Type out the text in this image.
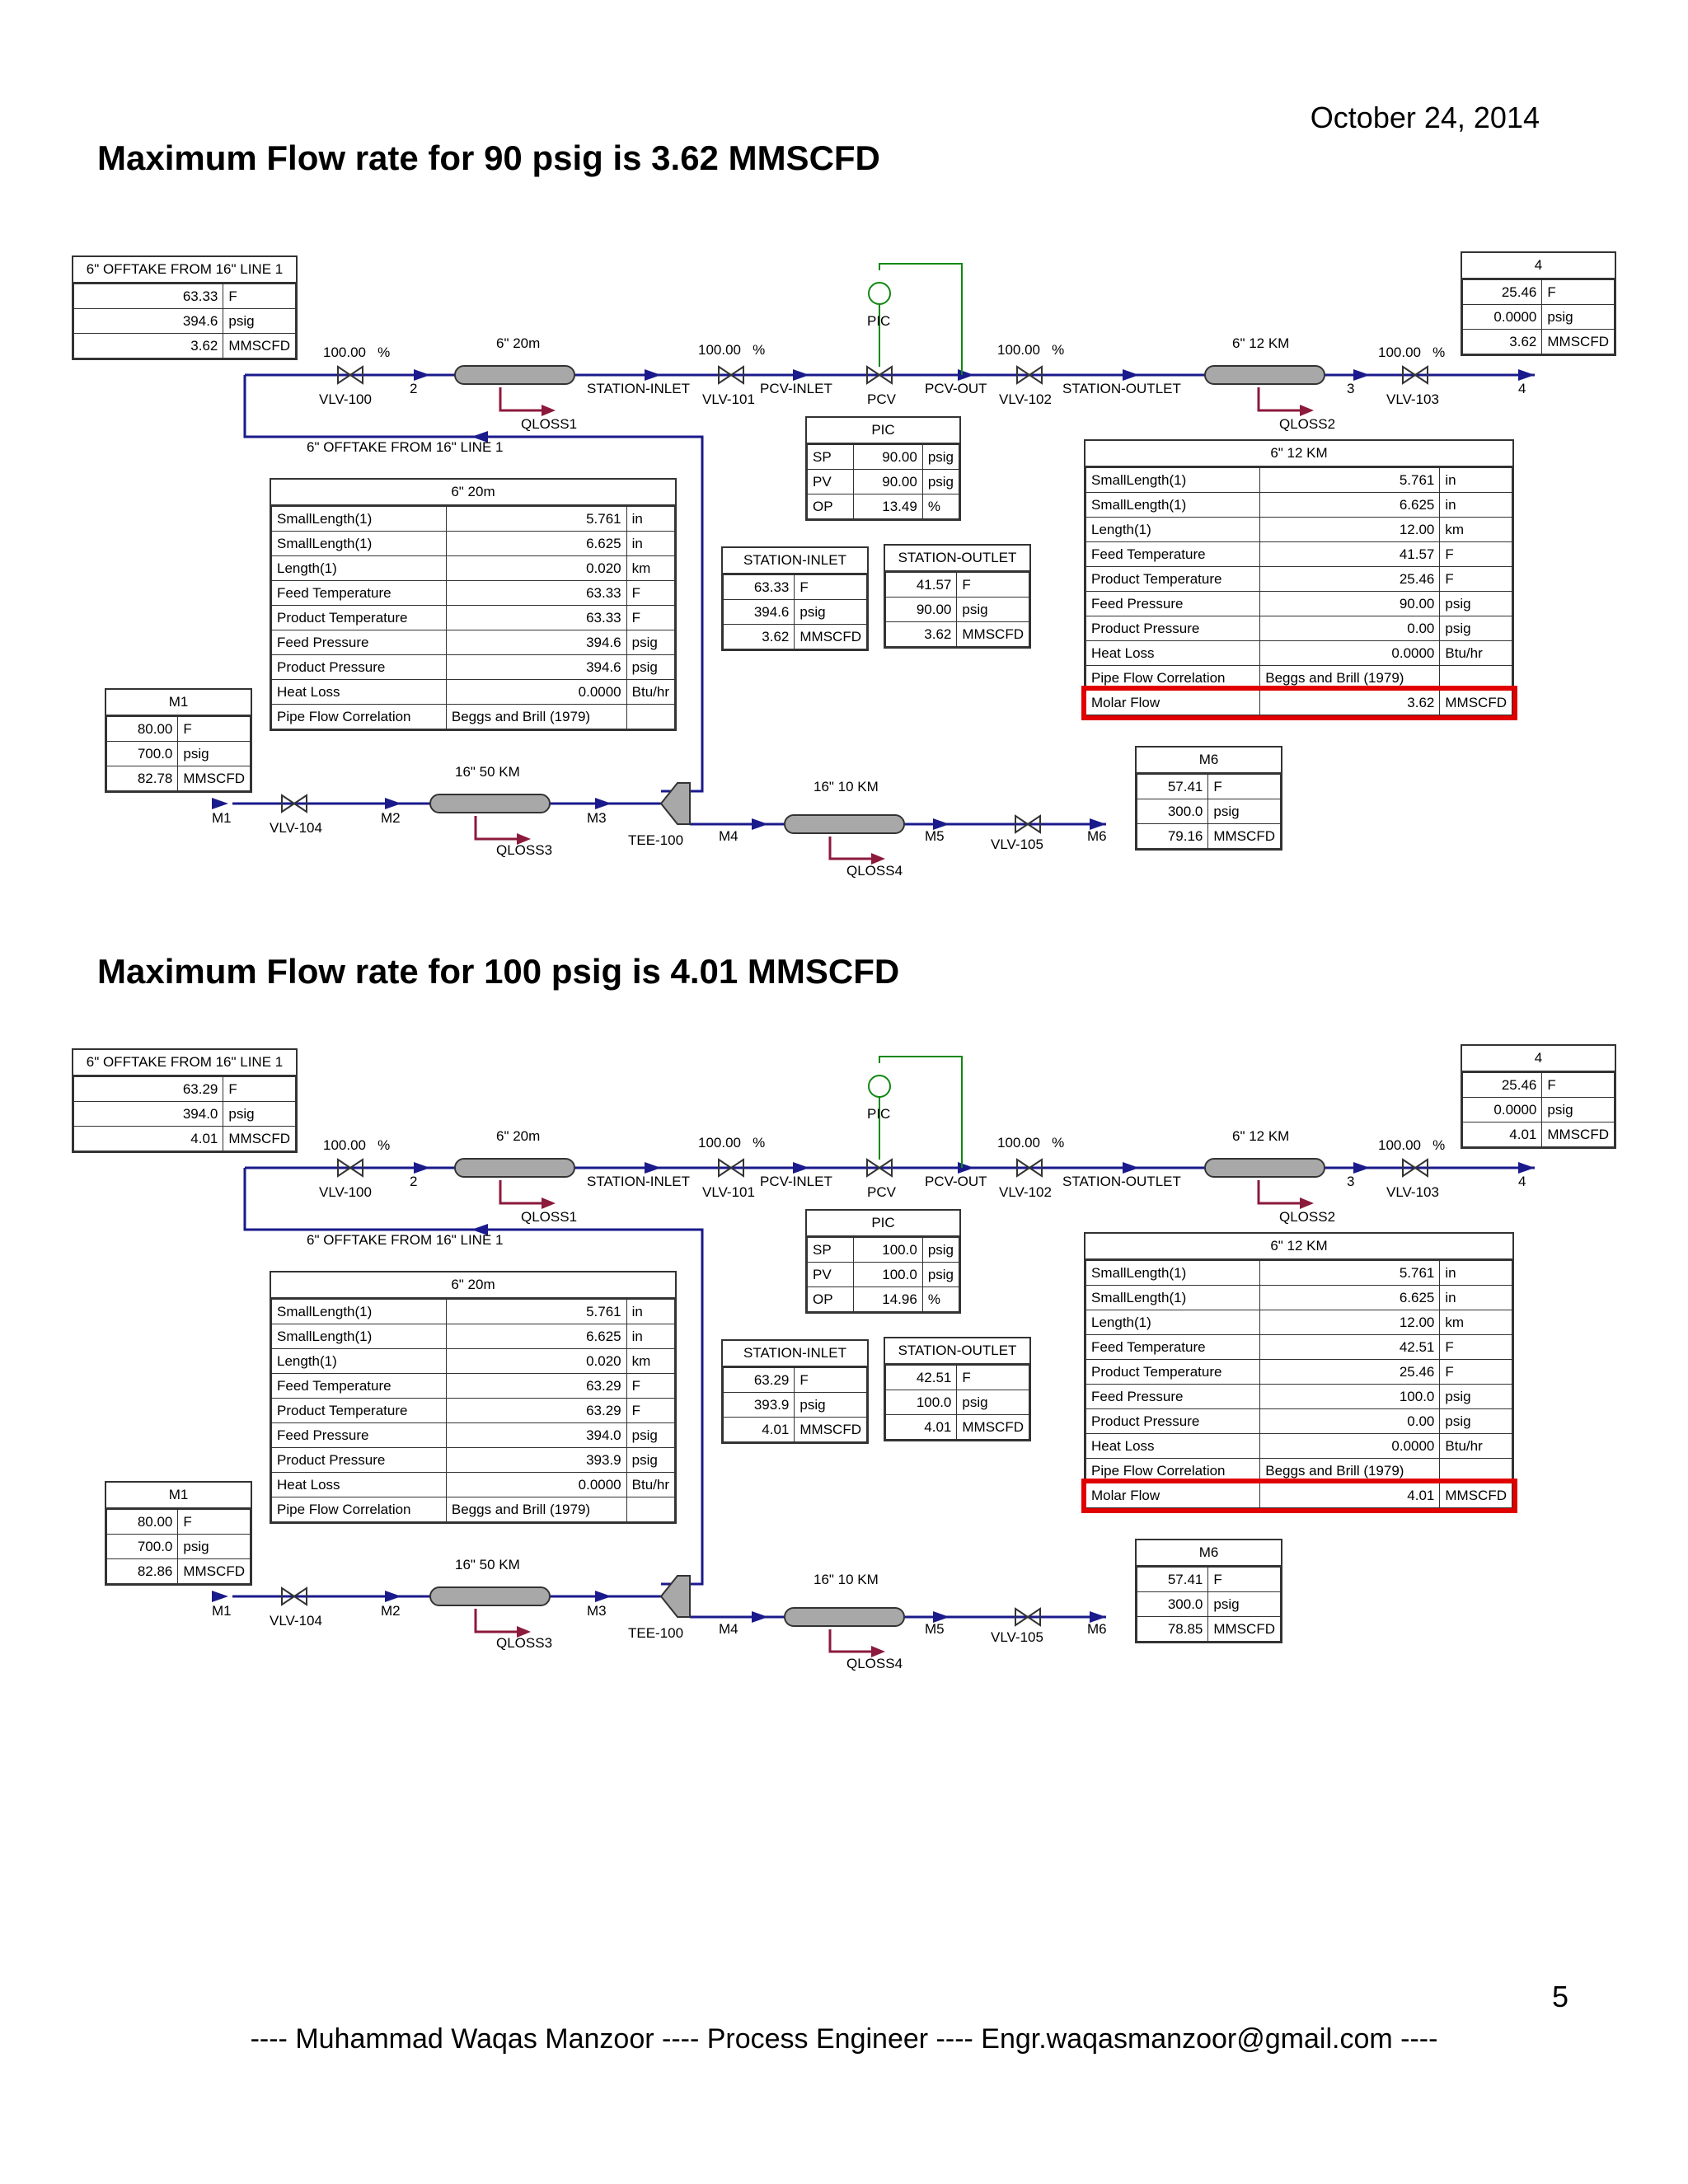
October 24, 2014
Maximum Flow rate for 90 psig is 3.62 MMSCFD
6" OFFTAKE FROM 16" LINE 1
63.33	F
394.6	psig
3.62	MMSCFD
4
25.46	F
0.0000	psig
3.62	MMSCFD
PIC
SP	90.00	psig
PV	90.00	psig
OP	13.49	%
STATION-INLET
63.33	F
394.6	psig
3.62	MMSCFD
STATION-OUTLET
41.57	F
90.00	psig
3.62	MMSCFD
6" 20m
SmallLength(1)	5.761	in
SmallLength(1)	6.625	in
Length(1)	0.020	km
Feed Temperature	63.33	F
Product Temperature	63.33	F
Feed Pressure	394.6	psig
Product Pressure	394.6	psig
Heat Loss	0.0000	Btu/hr
Pipe Flow Correlation	Beggs and Brill (1979)	
6" 12 KM
SmallLength(1)	5.761	in
SmallLength(1)	6.625	in
Length(1)	12.00	km
Feed Temperature	41.57	F
Product Temperature	25.46	F
Feed Pressure	90.00	psig
Product Pressure	0.00	psig
Heat Loss	0.0000	Btu/hr
Pipe Flow Correlation	Beggs and Brill (1979)	
Molar Flow	3.62	MMSCFD
M1
80.00	F
700.0	psig
82.78	MMSCFD
M6
57.41	F
300.0	psig
79.16	MMSCFD
100.00 %	100.00 %	100.00 %	100.00 %
6" 20m	6" 12 KM
16" 50 KM
16" 10 KM
VLV-100	VLV-101	VLV-102	VLV-103
VLV-104
VLV-105
2	3	4
STATION-INLET	PCV-INLET	PCV-OUT	STATION-OUTLET
PCV
PIC
6" OFFTAKE FROM 16" LINE 1
QLOSS1	QLOSS2
QLOSS3
QLOSS4
M1	M2	M3
M4	M5	M6
TEE-100
Maximum Flow rate for 100 psig is 4.01 MMSCFD
6" OFFTAKE FROM 16" LINE 1
63.29	F
394.0	psig
4.01	MMSCFD
4
25.46	F
0.0000	psig
4.01	MMSCFD
PIC
SP	100.0	psig
PV	100.0	psig
OP	14.96	%
STATION-INLET
63.29	F
393.9	psig
4.01	MMSCFD
STATION-OUTLET
42.51	F
100.0	psig
4.01	MMSCFD
6" 20m
SmallLength(1)	5.761	in
SmallLength(1)	6.625	in
Length(1)	0.020	km
Feed Temperature	63.29	F
Product Temperature	63.29	F
Feed Pressure	394.0	psig
Product Pressure	393.9	psig
Heat Loss	0.0000	Btu/hr
Pipe Flow Correlation	Beggs and Brill (1979)	
6" 12 KM
SmallLength(1)	5.761	in
SmallLength(1)	6.625	in
Length(1)	12.00	km
Feed Temperature	42.51	F
Product Temperature	25.46	F
Feed Pressure	100.0	psig
Product Pressure	0.00	psig
Heat Loss	0.0000	Btu/hr
Pipe Flow Correlation	Beggs and Brill (1979)	
Molar Flow	4.01	MMSCFD
M1
80.00	F
700.0	psig
82.86	MMSCFD
M6
57.41	F
300.0	psig
78.85	MMSCFD
100.00 %	100.00 %	100.00 %	100.00 %
6" 20m	6" 12 KM
16" 50 KM
16" 10 KM
VLV-100	VLV-101	VLV-102	VLV-103
VLV-104
VLV-105
2	3	4
STATION-INLET	PCV-INLET	PCV-OUT	STATION-OUTLET
PCV
PIC
6" OFFTAKE FROM 16" LINE 1
QLOSS1	QLOSS2
QLOSS3
QLOSS4
M1	M2	M3
M4	M5	M6
TEE-100
5
---- Muhammad Waqas Manzoor ---- Process Engineer ---- Engr.waqasmanzoor@gmail.com ----
